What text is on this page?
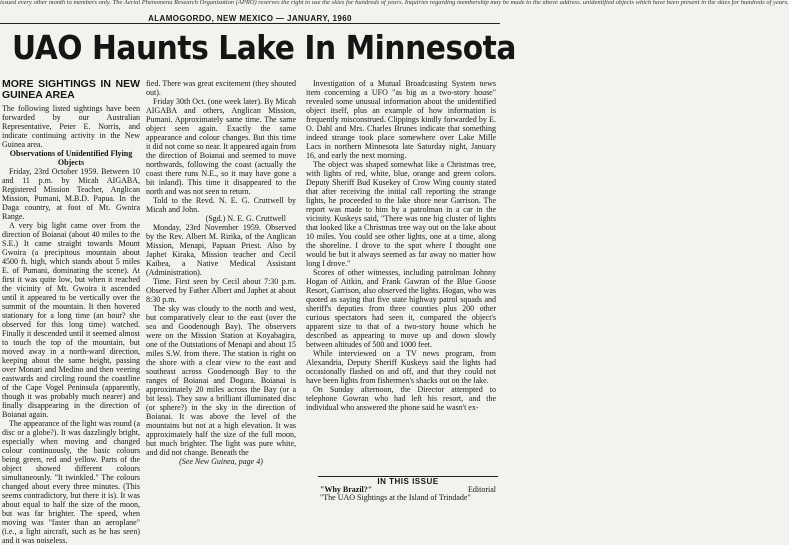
issued every other month to members only. The Aerial Phenomena Research Organization (APRO) reserves the right to use the skies for hundreds of years. Inquiries regarding membership may be made to the above address. unidentified objects which have been present in the skies for hundreds of years.
ALAMOGORDO, NEW MEXICO — JANUARY, 1960
UAO Haunts Lake In Minnesota
MORE SIGHTINGS IN NEW GUINEA AREA

The following listed sightings have been forwarded by our Australian Representative, Peter E. Norris, and indicate continuing activity in the New Guinea area.

Observations of Unidentified Flying Objects

Friday, 23rd October 1959. Between 10 and 11 p.m. by Micah AIGABA, Registered Mission Teacher, Anglican Mission, Pumani, M.B.D. Papua. In the Daga country, at foot of Mt. Gwoira Range.

A very big light came over from the direction of Boianai (about 40 miles to the S.E.) It came straight towards Mount Gwoira (a precipitous mountain about 4500 ft. high, which stands about 5 miles E. of Pumani, dominating the scene). At first it was quite low, but when it reached the vicinity of Mt. Gwoira it ascended until it appeared to be vertically over the summit of the mountain. It then hovered stationary for a long time (an hour? she observed for this long time) watched. Finally it descended until it seemed almost to touch the top of the mountain, but moved away in a north-ward direction, keeping about the same height, passing over Monari and Medino and then veering eastwards and circling round the coastline of the Cape Vogel Peninsula (apparently, though it was probably much nearer) and finally disappearing in the direction of Boianai again.

The appearance of the light was round (a disc or a globe?). It was dazzlingly bright, especially when moving and changed colour continuously, the basic colours being green, red and yellow. Parts of the object showed different colours simultaneously. "It twinkled." The colours changed about every three minutes. (This seems contradictory, but there it is). It was about equal to half the size of the moon, but was far brighter. The speed, when moving was "faster than an aeroplane" (i.e., a light aircraft, such as he has seen) and it was noiseless.

fied. There was great excitement (they shouted out).

Friday 30th Oct. (one week later). By Micah AIGABA and others, Anglican Mission, Pumani. Approximately same time. The same object seen again. Exactly the same appearance and colour changes. But this time it did not come so near. It appeared again from the direction of Boianai and seemed to move northwards, following the coast (actually the coast there runs N.E., so it may have gone a bit inland). This time it disappeared to the north and was not seen to return.

Told to the Revd. N. E. G. Cruttwell by Micah and John.

(Sgd.) N. E. G. Cruttwell

Monday, 23rd November 1959. Observed by the Rev. Albert M. Ririka, of the Anglican Mission, Menapi, Papuan Priest. Also by Japhet Kiraka, Mission teacher and Cecil Kaibea, a Native Medical Assistant (Administration).

Time. First seen by Cecil about 7:30 p.m. Observed by Father Albert and Japhet at about 8:30 p.m.

The sky was cloudy to the north and west, but comparatively clear to the east (over the sea and Goodenough Bay). The observers were on the Mission Station at Koyabagira, one of the Outstations of Menapi and about 15 miles S.W. from there. The station is right on the shore with a clear view to the east and southeast across Goodenough Bay to the ranges of Boianai and Dogura. Boianai is approximately 20 miles across the Bay (or a bit less). They saw a brilliant illuminated disc (or sphere?) in the sky in the direction of Boianai. It was above the level of the mountains but not at a high elevation. It was approximately half the size of the full moon, but much brighter. The light was pure white, and did not change. Beneath the

(See New Guinea, page 4)

Investigation of a Mutual Broadcasting System news item concerning a UFO "as big as a two-story house" revealed some unusual information about the unidentified object itself, plus an example of how information is frequently misconstrued. Clippings kindly forwarded by E. O. Dahl and Mrs. Charles Brunes indicate that something indeed strange took place somewhere over Lake Mille Lacs in northern Minnesota late Saturday night, January 16, and early the next morning.

The object was shaped somewhat like a Christmas tree, with lights of red, white, blue, orange and green colors. Deputy Sheriff Bud Kusekey of Crow Wing county stated that after receiving the initial call reporting the strange lights, he proceeded to the lake shore near Garrison. The report was made to him by a patrolman in a car in the vicinity. Kuskeys said, "There was one big cluster of lights that looked like a Christmas tree way out on the lake about 10 miles. You could see other lights, one at a time, along the shoreline. I drove to the spot where I thought one would be but it always seemed as far away no matter how long I drove."

Scores of other witnesses, including patrolman Johnny Hogan of Aitkin, and Frank Gawran of the Blue Goose Resort, Garrison, also observed the lights. Hogan, who was quoted as saying that five state highway patrol squads and sheriff's deputies from three counties plus 200 other curious spectators had seen it, compared the object's apparent size to that of a two-story house which he described as appearing to move up and down slowly between altitudes of 500 and 1000 feet.

While interviewed on a TV news program, from Alexandria, Deputy Sheriff Kuskeys said the lights had occasionally flashed on and off, and that they could not have been lights from fishermen's shacks out on the lake.

On Sunday afternoon, the Director attempted to telephone Gowran who had left his resort, and the individual who answered the phone said he wasn't ex-

IN THIS ISSUE
"Why Brazil?"	Editorial
"The UAO Sightings at the Island of Trindade"
